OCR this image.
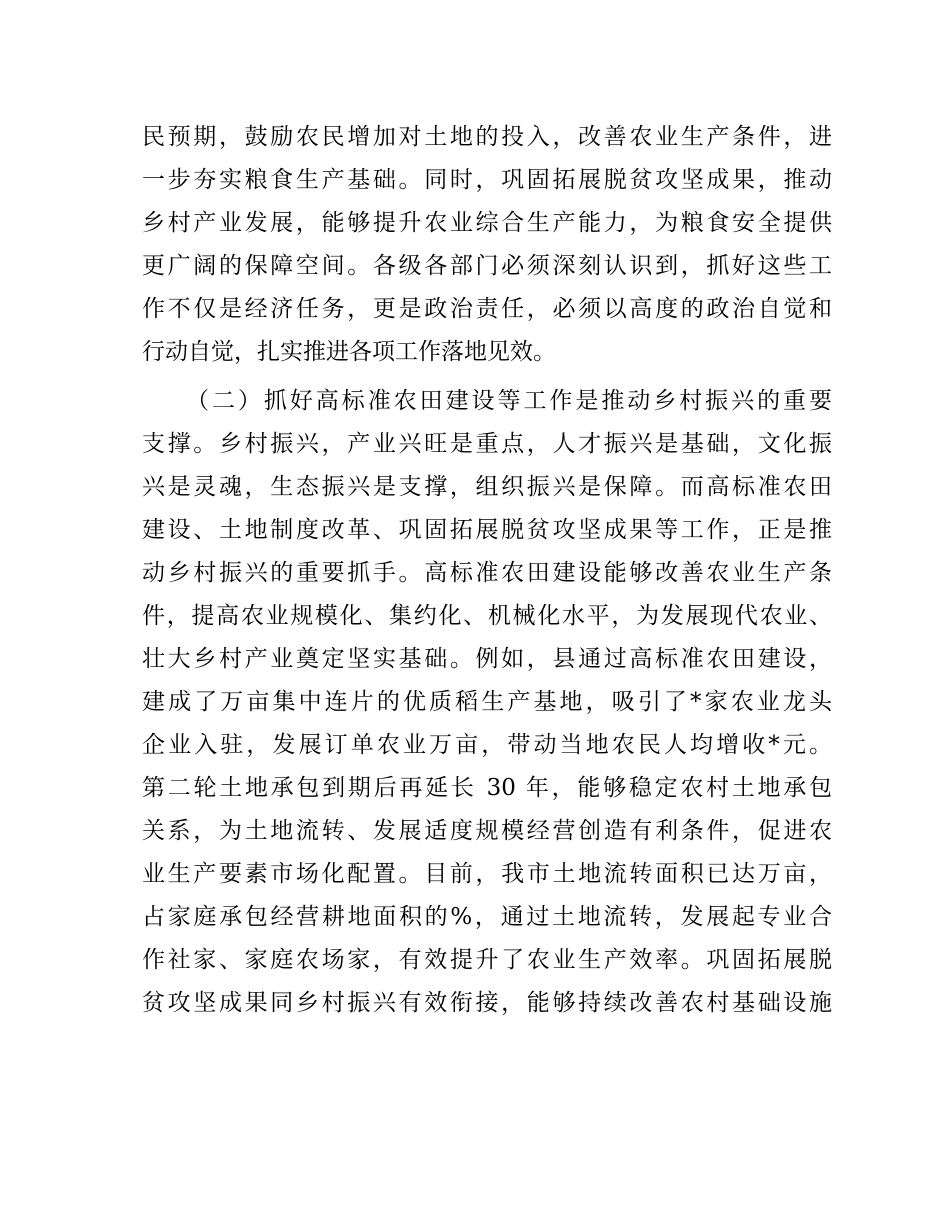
民预期，鼓励农民增加对土地的投入，改善农业生产条件，进
一步夯实粮食生产基础。同时，巩固拓展脱贫攻坚成果，推动
乡村产业发展，能够提升农业综合生产能力，为粮食安全提供
更广阔的保障空间。各级各部门必须深刻认识到，抓好这些工
作不仅是经济任务，更是政治责任，必须以高度的政治自觉和
行动自觉，扎实推进各项工作落地见效。
（二）抓好高标准农田建设等工作是推动乡村振兴的重要
支撑。乡村振兴，产业兴旺是重点，人才振兴是基础，文化振
兴是灵魂，生态振兴是支撑，组织振兴是保障。而高标准农田
建设、土地制度改革、巩固拓展脱贫攻坚成果等工作，正是推
动乡村振兴的重要抓手。高标准农田建设能够改善农业生产条
件，提高农业规模化、集约化、机械化水平，为发展现代农业、
壮大乡村产业奠定坚实基础。例如，县通过高标准农田建设，
建成了万亩集中连片的优质稻生产基地，吸引了*家农业龙头
企业入驻，发展订单农业万亩，带动当地农民人均增收*元。
第二轮土地承包到期后再延长 30 年，能够稳定农村土地承包
关系，为土地流转、发展适度规模经营创造有利条件，促进农
业生产要素市场化配置。目前，我市土地流转面积已达万亩，
占家庭承包经营耕地面积的%，通过土地流转，发展起专业合
作社家、家庭农场家，有效提升了农业生产效率。巩固拓展脱
贫攻坚成果同乡村振兴有效衔接，能够持续改善农村基础设施
